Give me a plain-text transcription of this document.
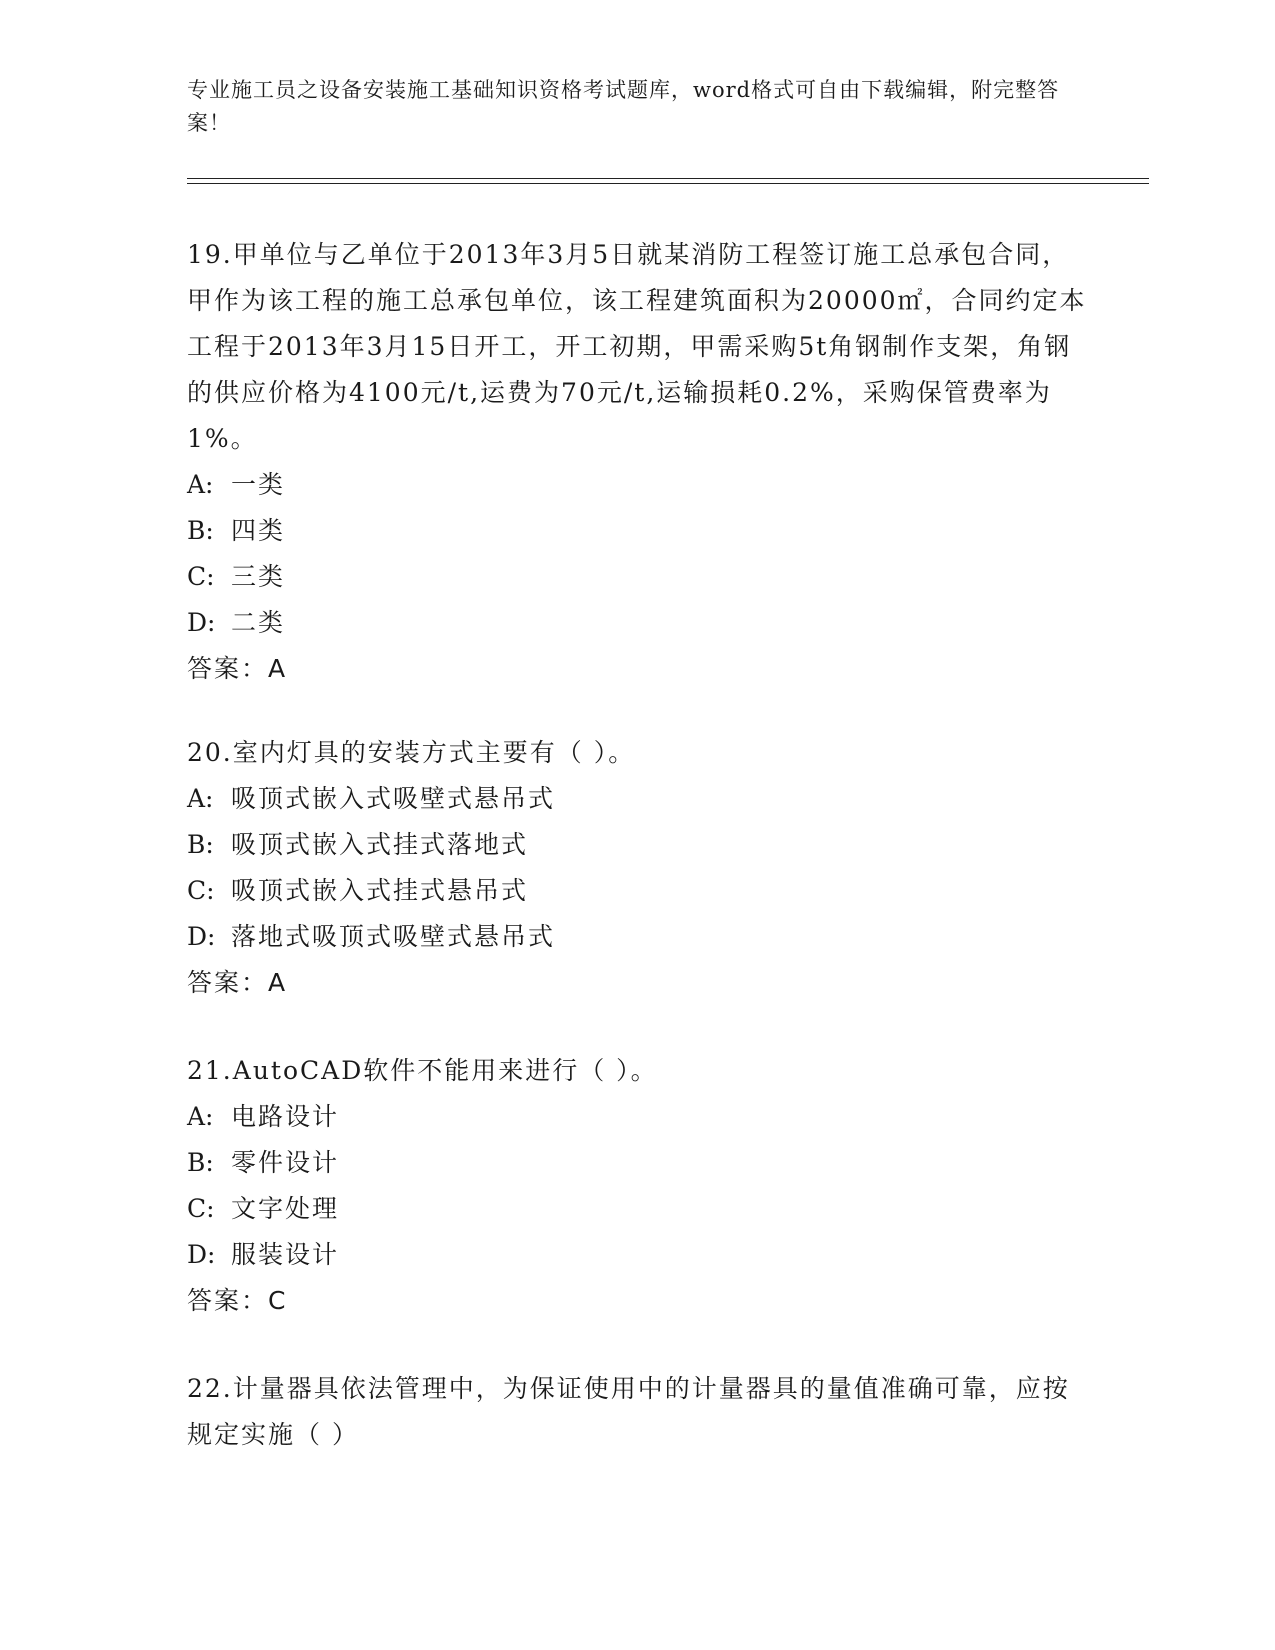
专业施工员之设备安装施工基础知识资格考试题库，word格式可自由下载编辑，附完整答案！
19.甲单位与乙单位于2013年3月5日就某消防工程签订施工总承包合同，甲作为该工程的施工总承包单位，该工程建筑面积为20000㎡，合同约定本工程于2013年3月15日开工，开工初期，甲需采购5t角钢制作支架，角钢的供应价格为4100元/t,运费为70元/t,运输损耗0.2%，采购保管费率为1%。
A: 一类
B: 四类
C: 三类
D: 二类
答案：A
20.室内灯具的安装方式主要有（ ）。
A: 吸顶式嵌入式吸壁式悬吊式
B: 吸顶式嵌入式挂式落地式
C: 吸顶式嵌入式挂式悬吊式
D: 落地式吸顶式吸壁式悬吊式
答案：A
21.AutoCAD软件不能用来进行（ ）。
A: 电路设计
B: 零件设计
C: 文字处理
D: 服装设计
答案：C
22.计量器具依法管理中，为保证使用中的计量器具的量值准确可靠，应按规定实施（ ）
